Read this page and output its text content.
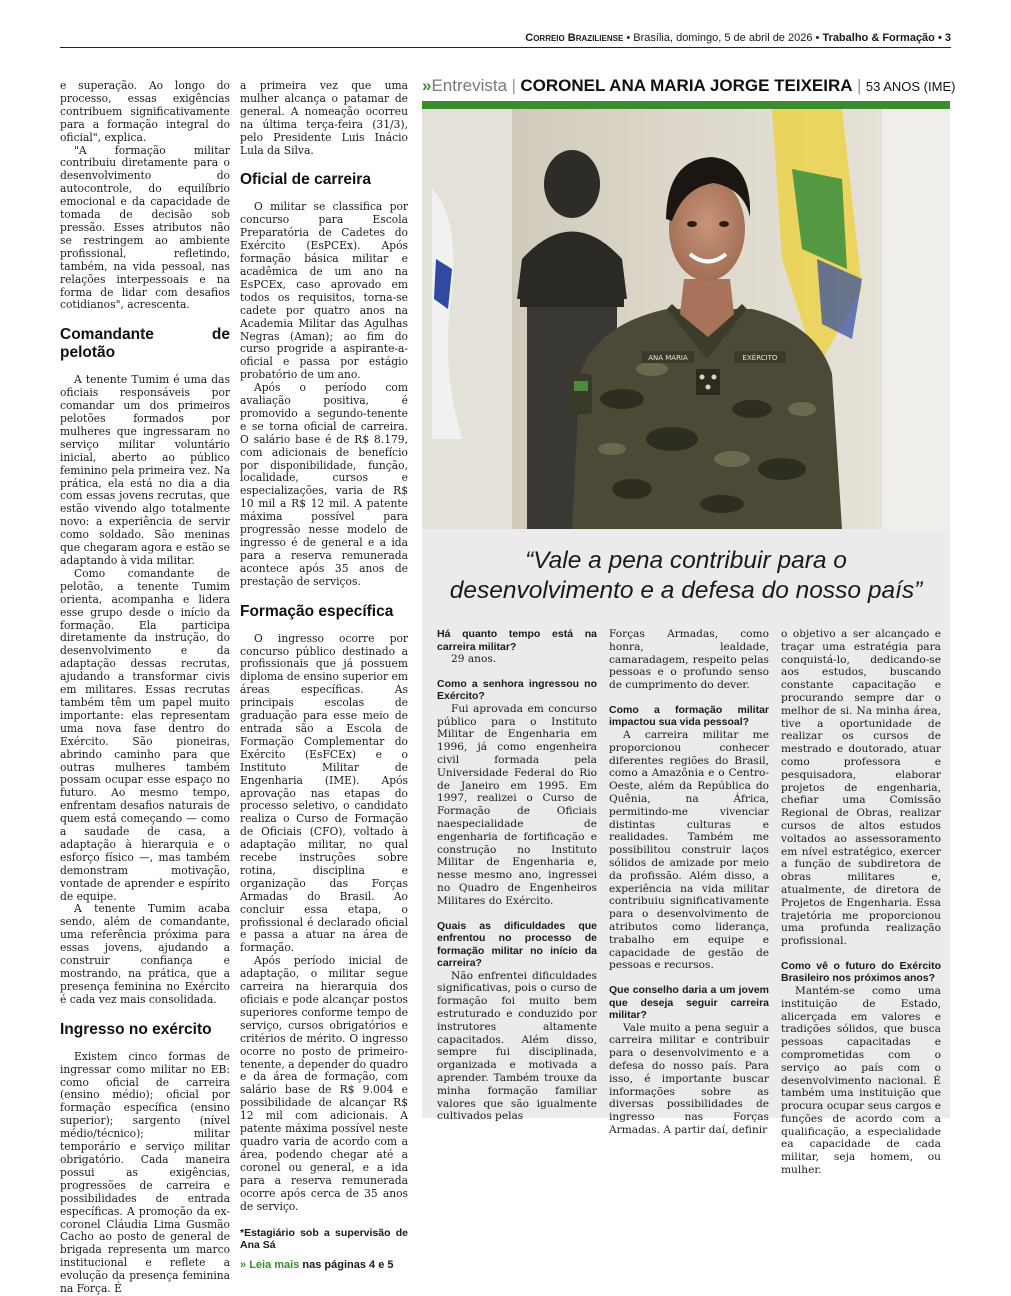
Correio Braziliense • Brasília, domingo, 5 de abril de 2026 • Trabalho & Formação • 3

e superação. Ao longo do processo, essas exigências contribuem significativamente para a formação integral do oficial", explica.

"A formação militar contribuiu diretamente para o desenvolvimento do autocontrole, do equilíbrio emocional e da capacidade de tomada de decisão sob pressão. Esses atributos não se restringem ao ambiente profissional, refletindo, também, na vida pessoal, nas relações interpessoais e na forma de lidar com desafios cotidianos", acrescenta.

Comandante de pelotão

A tenente Tumim é uma das oficiais responsáveis por comandar um dos primeiros pelotões formados por mulheres que ingressaram no serviço militar voluntário inicial, aberto ao público feminino pela primeira vez. Na prática, ela está no dia a dia com essas jovens recrutas, que estão vivendo algo totalmente novo: a experiência de servir como soldado. São meninas que chegaram agora e estão se adaptando à vida militar.

Como comandante de pelotão, a tenente Tumim orienta, acompanha e lidera esse grupo desde o início da formação. Ela participa diretamente da instrução, do desenvolvimento e da adaptação dessas recrutas, ajudando a transformar civis em militares. Essas recrutas também têm um papel muito importante: elas representam uma nova fase dentro do Exército. São pioneiras, abrindo caminho para que outras mulheres também possam ocupar esse espaço no futuro. Ao mesmo tempo, enfrentam desafios naturais de quem está começando — como a saudade de casa, a adaptação à hierarquia e o esforço físico —, mas também demonstram motivação, vontade de aprender e espírito de equipe.

A tenente Tumim acaba sendo, além de comandante, uma referência próxima para essas jovens, ajudando a construir confiança e mostrando, na prática, que a presença feminina no Exército é cada vez mais consolidada.

Ingresso no exército

Existem cinco formas de ingressar como militar no EB: como oficial de carreira (ensino médio); oficial por formação específica (ensino superior); sargento (nível médio/técnico); militar temporário e serviço militar obrigatório. Cada maneira possui as exigências, progressões de carreira e possibilidades de entrada específicas. A promoção da ex-coronel Cláudia Lima Gusmão Cacho ao posto de general de brigada representa um marco institucional e reflete a evolução da presença feminina na Força. É

a primeira vez que uma mulher alcança o patamar de general. A nomeação ocorreu na última terça-feira (31/3), pelo Presidente Luis Inácio Lula da Silva.

Oficial de carreira

O militar se classifica por concurso para Escola Preparatória de Cadetes do Exército (EsPCEx). Após formação básica militar e acadêmica de um ano na EsPCEx, caso aprovado em todos os requisitos, torna-se cadete por quatro anos na Academia Militar das Agulhas Negras (Aman); ao fim do curso progride a aspirante-a-oficial e passa por estágio probatório de um ano.

Após o período com avaliação positiva, é promovido a segundo-tenente e se torna oficial de carreira. O salário base é de R$ 8.179, com adicionais de benefício por disponibilidade, função, localidade, cursos e especializações, varia de R$ 10 mil a R$ 12 mil. A patente máxima possível para progressão nesse modelo de ingresso é de general e a ida para a reserva remunerada acontece após 35 anos de prestação de serviços.

Formação específica

O ingresso ocorre por concurso público destinado a profissionais que já possuem diploma de ensino superior em áreas específicas. As principais escolas de graduação para esse meio de entrada são a Escola de Formação Complementar do Exército (EsFCEx) e o Instituto Militar de Engenharia (IME). Após aprovação nas etapas do processo seletivo, o candidato realiza o Curso de Formação de Oficiais (CFO), voltado à adaptação militar, no qual recebe instruções sobre rotina, disciplina e organização das Forças Armadas do Brasil. Ao concluir essa etapa, o profissional é declarado oficial e passa a atuar na área de formação.

Após período inicial de adaptação, o militar segue carreira na hierarquia dos oficiais e pode alcançar postos superiores conforme tempo de serviço, cursos obrigatórios e critérios de mérito. O ingresso ocorre no posto de primeiro-tenente, a depender do quadro e da área de formação, com salário base de R$ 9.004 e possibilidade de alcançar R$ 12 mil com adicionais. A patente máxima possível neste quadro varia de acordo com a área, podendo chegar até a coronel ou general, e a ida para a reserva remunerada ocorre após cerca de 35 anos de serviço.

*Estagiário sob a supervisão de Ana Sá
» Leia mais nas páginas 4 e 5
»Entrevista | CORONEL ANA MARIA JORGE TEIXEIRA | 53 ANOS (IME)
ANA MARIA	EXÉRCITO
“Vale a pena contribuir para o desenvolvimento e a defesa do nosso país”
Há quanto tempo está na carreira militar?
29 anos.
Como a senhora ingressou no Exército?
Fui aprovada em concurso público para o Instituto Militar de Engenharia em 1996, já como engenheira civil formada pela Universidade Federal do Rio de Janeiro em 1995. Em 1997, realizei o Curso de Formação de Oficiais naespecialidade de engenharia de fortificação e construção no Instituto Militar de Engenharia e, nesse mesmo ano, ingressei no Quadro de Engenheiros Militares do Exército.
Quais as dificuldades que enfrentou no processo de formação militar no início da carreira?
Não enfrentei dificuldades significativas, pois o curso de formação foi muito bem estruturado e conduzido por instrutores altamente capacitados. Além disso, sempre fui disciplinada, organizada e motivada a aprender. Também trouxe da minha formação familiar valores que são igualmente cultivados pelas
Forças Armadas, como honra, lealdade, camaradagem, respeito pelas pessoas e o profundo senso de cumprimento do dever.
Como a formação militar impactou sua vida pessoal?
A carreira militar me proporcionou conhecer diferentes regiões do Brasil, como a Amazônia e o Centro-Oeste, além da República do Quênia, na África, permitindo-me vivenciar distintas culturas e realidades. Também me possibilitou construir laços sólidos de amizade por meio da profissão. Além disso, a experiência na vida militar contribuiu significativamente para o desenvolvimento de atributos como liderança, trabalho em equipe e capacidade de gestão de pessoas e recursos.
Que conselho daria a um jovem que deseja seguir carreira militar?
Vale muito a pena seguir a carreira militar e contribuir para o desenvolvimento e a defesa do nosso país. Para isso, é importante buscar informações sobre as diversas possibilidades de ingresso nas Forças Armadas. A partir daí, definir
o objetivo a ser alcançado e traçar uma estratégia para conquistá-lo, dedicando-se aos estudos, buscando constante capacitação e procurando sempre dar o melhor de si. Na minha área, tive a oportunidade de realizar os cursos de mestrado e doutorado, atuar como professora e pesquisadora, elaborar projetos de engenharia, chefiar uma Comissão Regional de Obras, realizar cursos de altos estudos voltados ao assessoramento em nível estratégico, exercer a função de subdiretora de obras militares e, atualmente, de diretora de Projetos de Engenharia. Essa trajetória me proporcionou uma profunda realização profissional.
Como vê o futuro do Exército Brasileiro nos próximos anos?
Mantém-se como uma instituição de Estado, alicerçada em valores e tradições sólidos, que busca pessoas capacitadas e comprometidas com o serviço ao país com o desenvolvimento nacional. É também uma instituição que procura ocupar seus cargos e funções de acordo com a qualificação, a especialidade ea capacidade de cada militar, seja homem, ou mulher.
